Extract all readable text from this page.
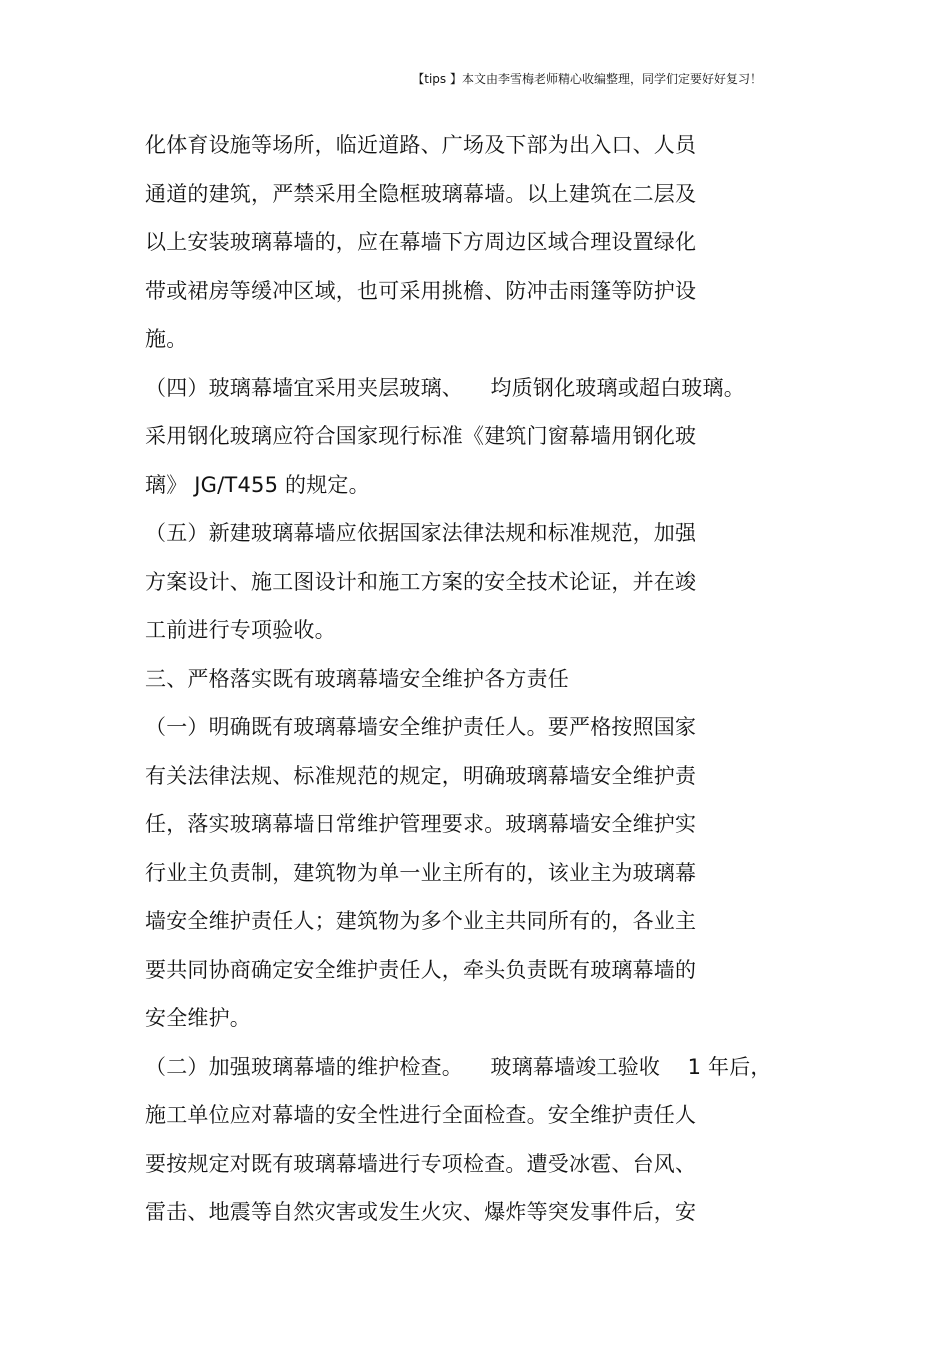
【tips 】本文由李雪梅老师精心收编整理，同学们定要好好复习！
化体育设施等场所，临近道路、广场及下部为出入口、人员
通道的建筑，严禁采用全隐框玻璃幕墙。以上建筑在二层及
以上安装玻璃幕墙的，应在幕墙下方周边区域合理设置绿化
带或裙房等缓冲区域，也可采用挑檐、防冲击雨篷等防护设
施。
（四）玻璃幕墙宜采用夹层玻璃、    均质钢化玻璃或超白玻璃。
采用钢化玻璃应符合国家现行标准《建筑门窗幕墙用钢化玻
璃》 JG/T455 的规定。
（五）新建玻璃幕墙应依据国家法律法规和标准规范，加强
方案设计、施工图设计和施工方案的安全技术论证，并在竣
工前进行专项验收。
三、严格落实既有玻璃幕墙安全维护各方责任
（一）明确既有玻璃幕墙安全维护责任人。要严格按照国家
有关法律法规、标准规范的规定，明确玻璃幕墙安全维护责
任，落实玻璃幕墙日常维护管理要求。玻璃幕墙安全维护实
行业主负责制，建筑物为单一业主所有的，该业主为玻璃幕
墙安全维护责任人；建筑物为多个业主共同所有的，各业主
要共同协商确定安全维护责任人，牵头负责既有玻璃幕墙的
安全维护。
（二）加强玻璃幕墙的维护检查。    玻璃幕墙竣工验收    1 年后，
施工单位应对幕墙的安全性进行全面检查。安全维护责任人
要按规定对既有玻璃幕墙进行专项检查。遭受冰雹、台风、
雷击、地震等自然灾害或发生火灾、爆炸等突发事件后，安
